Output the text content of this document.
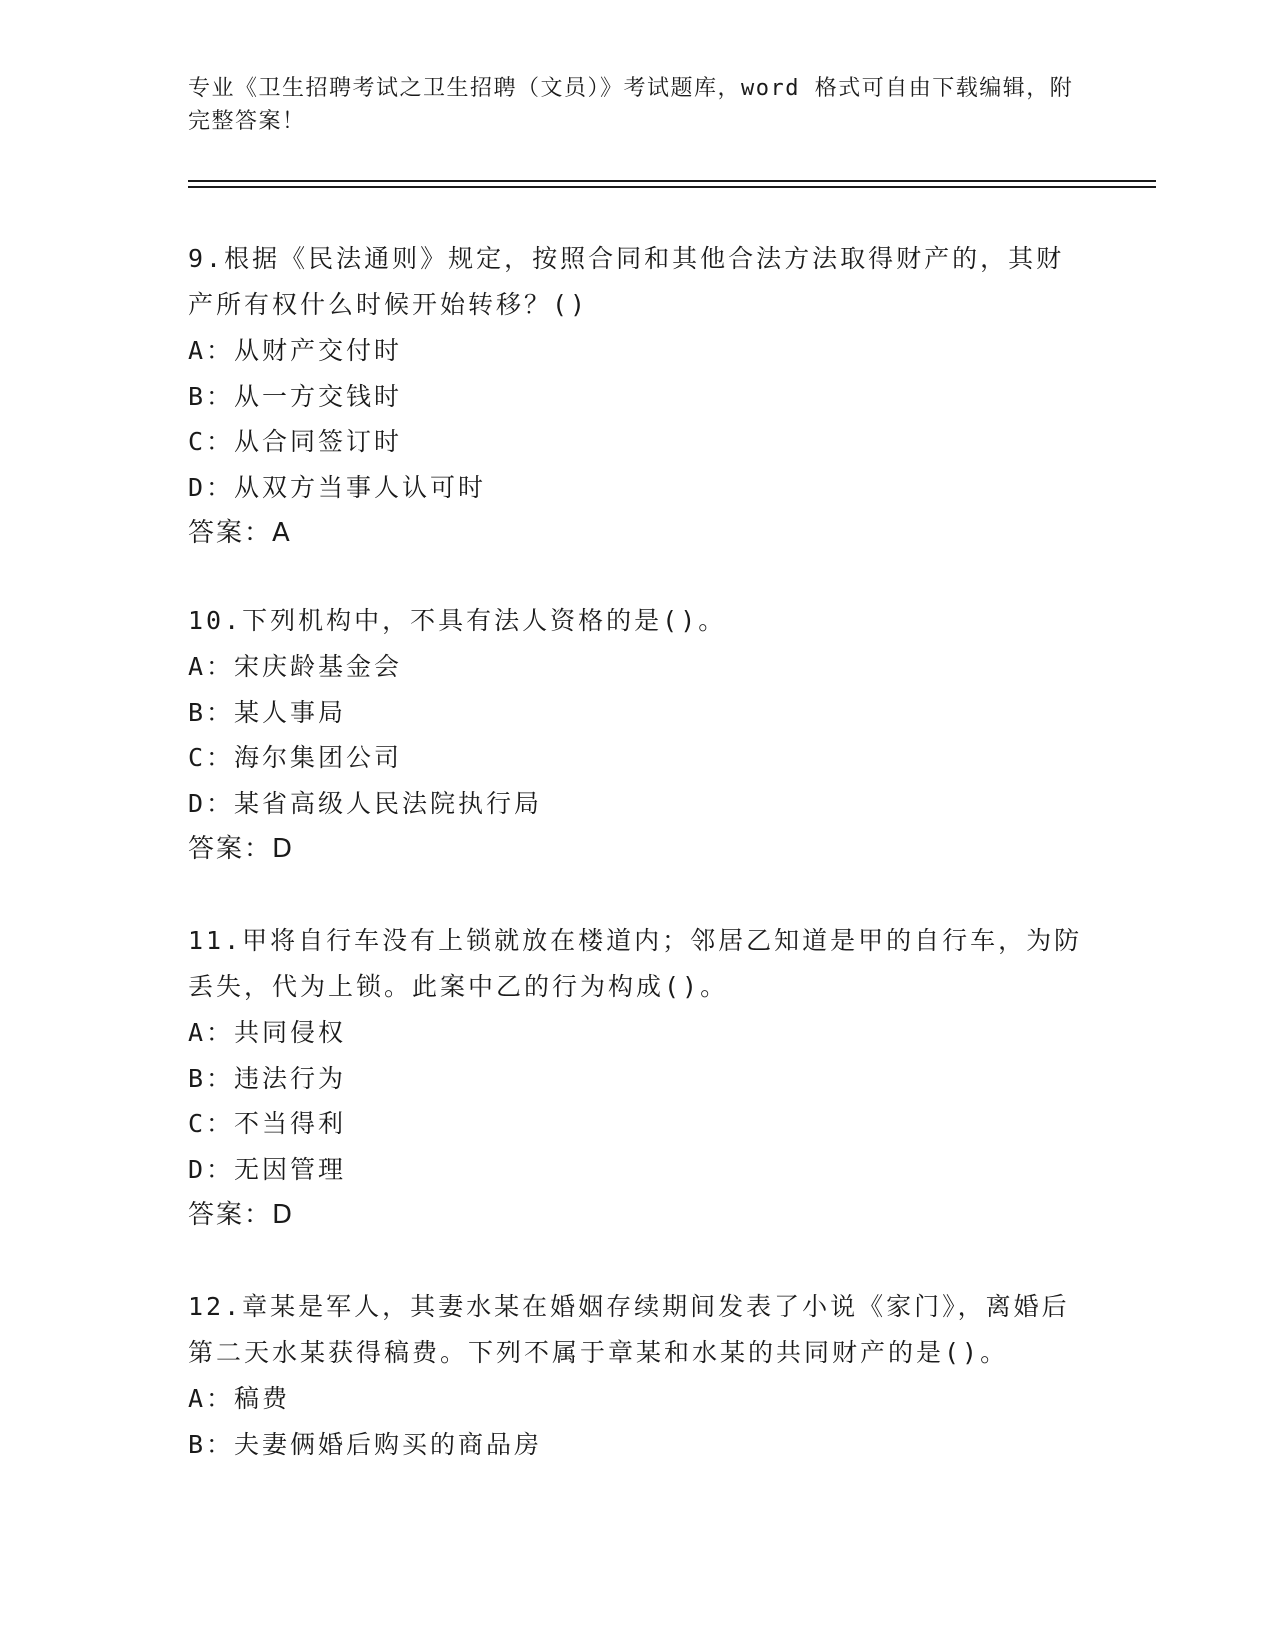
专业《卫生招聘考试之卫生招聘（文员）》考试题库，word 格式可自由下载编辑，附完整答案！
9.根据《民法通则》规定，按照合同和其他合法方法取得财产的，其财产所有权什么时候开始转移？()
A：从财产交付时
B：从一方交钱时
C：从合同签订时
D：从双方当事人认可时
答案：A
10.下列机构中，不具有法人资格的是()。
A：宋庆龄基金会
B：某人事局
C：海尔集团公司
D：某省高级人民法院执行局
答案：D
11.甲将自行车没有上锁就放在楼道内；邻居乙知道是甲的自行车，为防丢失，代为上锁。此案中乙的行为构成()。
A：共同侵权
B：违法行为
C：不当得利
D：无因管理
答案：D
12.章某是军人，其妻水某在婚姻存续期间发表了小说《家门》，离婚后第二天水某获得稿费。下列不属于章某和水某的共同财产的是()。
A：稿费
B：夫妻俩婚后购买的商品房
